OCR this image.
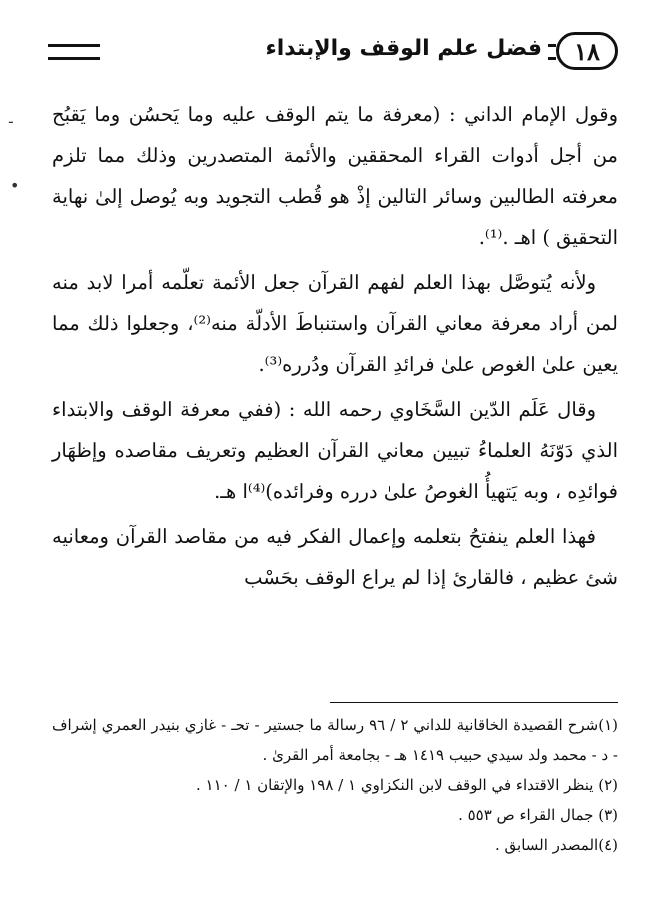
١٨
فضل علم الوقف والإبتداء
-
•

وقول الإمام الداني : (معرفة ما يتم الوقف عليه وما يَحسُن وما يَقبُح من أجل أدوات القراء المحققين والأئمة المتصدرين وذلك مما تلزم معرفته الطالبين وسائر التالين إذْ هو قُطب التجويد وبه يُوصل إلىٰ نهاية التحقيق ) اهـ .⁽¹⁾.

ولأنه يُتوصَّل بهذا العلم لفهم القرآن جعل الأئمة تعلّمه أمرا لابد منه لمن أراد معرفة معاني القرآن واستنباطَ الأدلّة منه⁽²⁾، وجعلوا ذلك مما يعين علىٰ الغوص علىٰ فرائدِ القرآن ودُرره⁽³⁾.

وقال عَلَم الدّين السَّخَاوي رحمه الله : (ففي معرفة الوقف والابتداء الذي دَوّنَهُ العلماءُ تبيين معاني القرآن العظيم وتعريف مقاصده وإظهَار فوائدِه ، وبه يَتهيأُ الغوصُ علىٰ درره وفرائده)⁽⁴⁾ا هـ.

فهذا العلم ينفتحُ بتعلمه وإعمال الفكر فيه من مقاصد القرآن ومعانيه شئ عظيم ، فالقارئ إذا لم يراع الوقف بحَسْب

(١)شرح القصيدة الخاقانية للداني ٢ / ٩٦ رسالة ما جستير - تحـ - غازي بنيدر العمري إشراف - د - محمد ولد سيدي حبيب ١٤١٩ هـ - بجامعة أمر القرىٰ .

(٢) ينظر الاقتداء في الوقف لابن النكزاوي ١ / ١٩٨ والإتقان ١ / ١١٠ .

(٣) جمال القراء ص ٥٥٣ .

(٤)المصدر السابق .
